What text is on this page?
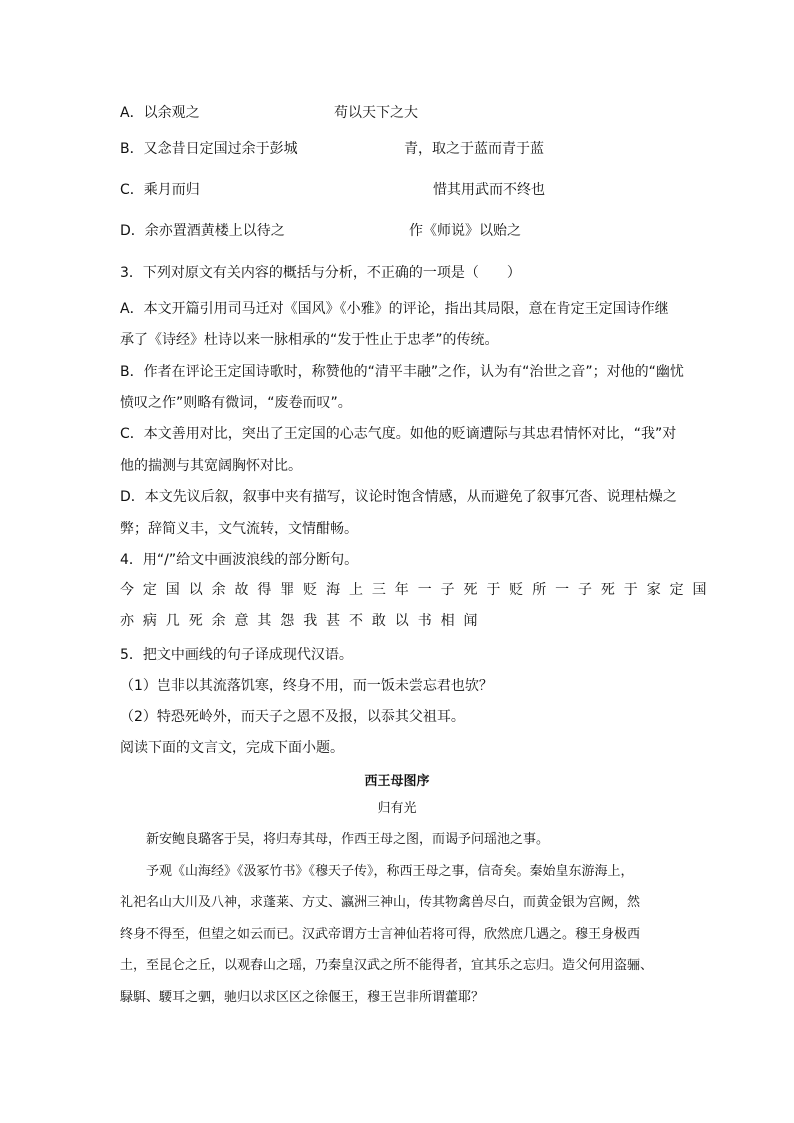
A．以余观之	苟以天下之大
B．又念昔日定国过余于彭城	青，取之于蓝而青于蓝
C．乘月而归	惜其用武而不终也
D．余亦置酒黄楼上以待之	作《师说》以贻之
3．下列对原文有关内容的概括与分析，不正确的一项是（　　）
A．本文开篇引用司马迁对《国风》《小雅》的评论，指出其局限，意在肯定王定国诗作继
承了《诗经》杜诗以来一脉相承的“发于性止于忠孝”的传统。
B．作者在评论王定国诗歌时，称赞他的“清平丰融”之作，认为有“治世之音”；对他的“幽忧
愤叹之作”则略有微词，“废卷而叹”。
C．本文善用对比，突出了王定国的心志气度。如他的贬谪遭际与其忠君情怀对比，“我”对
他的揣测与其宽阔胸怀对比。
D．本文先议后叙，叙事中夹有描写，议论时饱含情感，从而避免了叙事冗沓、说理枯燥之
弊；辞简义丰，文气流转，文情酣畅。
4．用“/”给文中画波浪线的部分断句。
今定国以余故得罪贬海上三年一子死于贬所一子死于家定国
亦病几死余意其怨我甚不敢以书相闻
5．把文中画线的句子译成现代汉语。
（1）岂非以其流落饥寒，终身不用，而一饭未尝忘君也欤？
（2）特恐死岭外，而天子之恩不及报，以忝其父祖耳。
阅读下面的文言文，完成下面小题。
西王母图序
归有光
新安鲍良璐客于吴，将归寿其母，作西王母之图，而谒予问瑶池之事。
予观《山海经》《汲冢竹书》《穆天子传》，称西王母之事，信奇矣。秦始皇东游海上，
礼祀名山大川及八神，求蓬莱、方丈、瀛洲三神山，传其物禽兽尽白，而黄金银为宫阙，然
终身不得至，但望之如云而已。汉武帝谓方士言神仙若将可得，欣然庶几遇之。穆王身极西
土，至昆仑之丘，以观舂山之瑶，乃秦皇汉武之所不能得者，宜其乐之忘归。造父何用盗骊、
騄駬、騕耳之驷，驰归以求区区之徐偃王，穆王岂非所谓藿耶？
